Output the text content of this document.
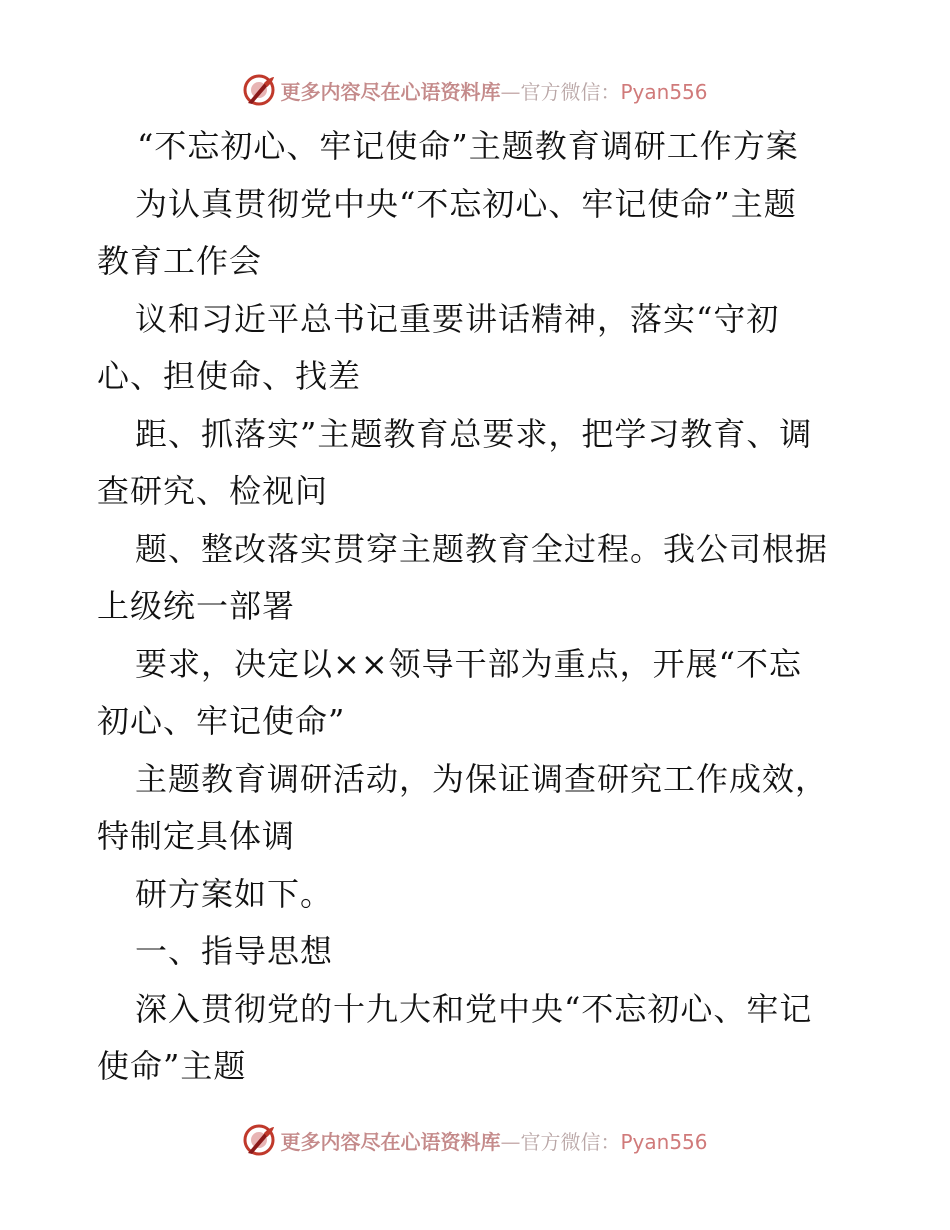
更多内容尽在心语资料库—官方微信：Pyan556
“不忘初心、牢记使命”主题教育调研工作方案
为认真贯彻党中央“不忘初心、牢记使命”主题
教育工作会
议和习近平总书记重要讲话精神，落实“守初
心、担使命、找差
距、抓落实”主题教育总要求，把学习教育、调
查研究、检视问
题、整改落实贯穿主题教育全过程。我公司根据
上级统一部署
要求，决定以××领导干部为重点，开展“不忘
初心、牢记使命”
主题教育调研活动，为保证调查研究工作成效，
特制定具体调
研方案如下。
一、指导思想
深入贯彻党的十九大和党中央“不忘初心、牢记
使命”主题
更多内容尽在心语资料库—官方微信：Pyan556
